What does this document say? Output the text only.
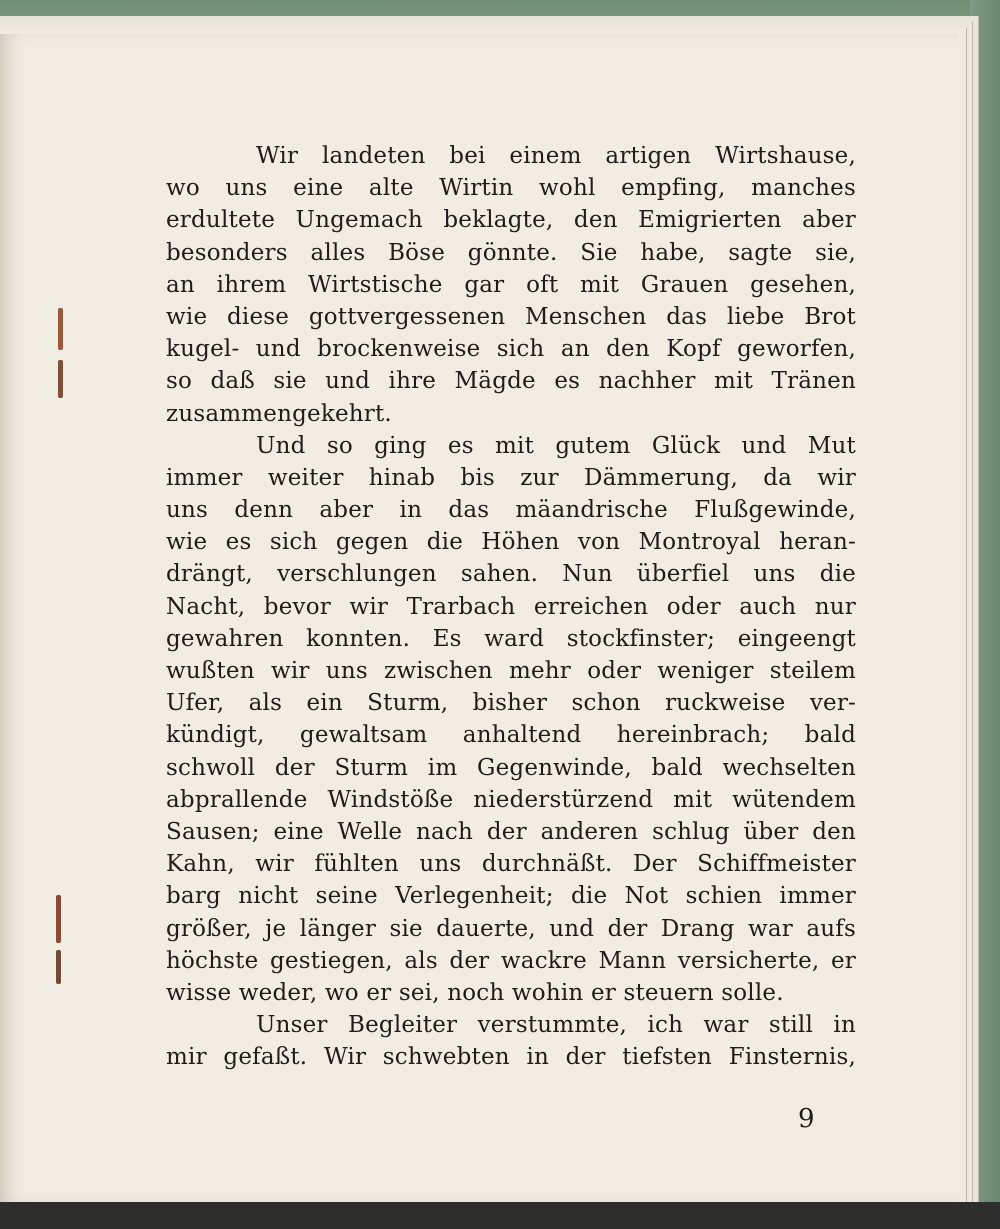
Wir landeten bei einem artigen Wirtshause,
wo uns eine alte Wirtin wohl empfing, manches
erdultete Ungemach beklagte, den Emigrierten aber
besonders alles Böse gönnte. Sie habe, sagte sie,
an ihrem Wirtstische gar oft mit Grauen gesehen,
wie diese gottvergessenen Menschen das liebe Brot
kugel- und brockenweise sich an den Kopf geworfen,
so daß sie und ihre Mägde es nachher mit Tränen
zusammengekehrt.
Und so ging es mit gutem Glück und Mut
immer weiter hinab bis zur Dämmerung, da wir
uns denn aber in das mäandrische Flußgewinde,
wie es sich gegen die Höhen von Montroyal heran-
drängt, verschlungen sahen. Nun überfiel uns die
Nacht, bevor wir Trarbach erreichen oder auch nur
gewahren konnten. Es ward stockfinster; eingeengt
wußten wir uns zwischen mehr oder weniger steilem
Ufer, als ein Sturm, bisher schon ruckweise ver-
kündigt, gewaltsam anhaltend hereinbrach; bald
schwoll der Sturm im Gegenwinde, bald wechselten
abprallende Windstöße niederstürzend mit wütendem
Sausen; eine Welle nach der anderen schlug über den
Kahn, wir fühlten uns durchnäßt. Der Schiffmeister
barg nicht seine Verlegenheit; die Not schien immer
größer, je länger sie dauerte, und der Drang war aufs
höchste gestiegen, als der wackre Mann versicherte, er
wisse weder, wo er sei, noch wohin er steuern solle.
Unser Begleiter verstummte, ich war still in
mir gefaßt. Wir schwebten in der tiefsten Finsternis,
9
